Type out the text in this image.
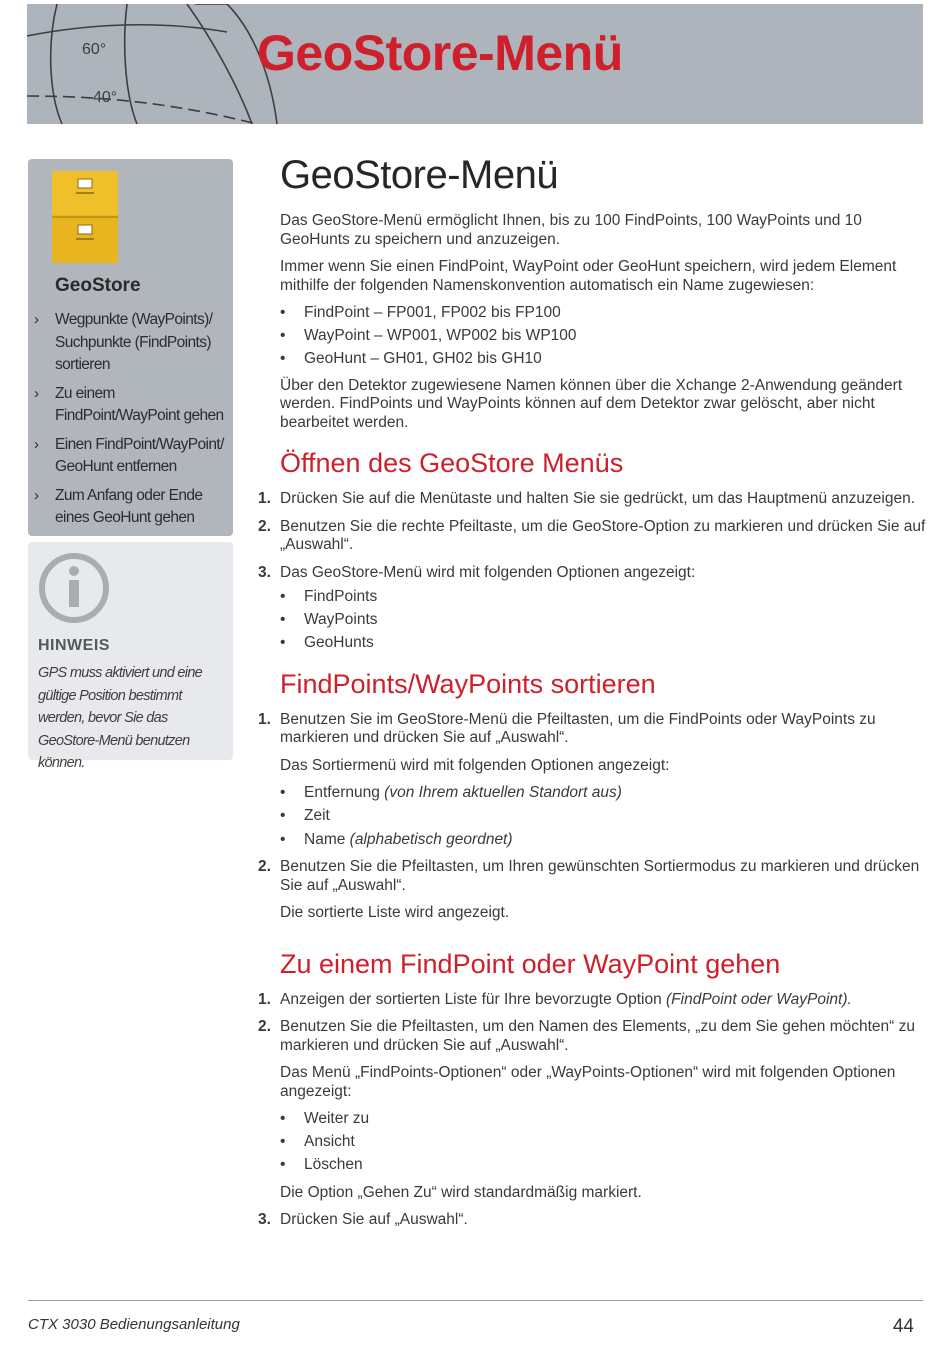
60°
40°
GeoStore-Menü
GeoStore
› Wegpunkte (WayPoints)/ Suchpunkte (FindPoints) sortieren
› Zu einem FindPoint/WayPoint gehen
› Einen FindPoint/WayPoint/ GeoHunt entfernen
› Zum Anfang oder Ende eines GeoHunt gehen
HINWEIS
GPS muss aktiviert und eine gültige Position bestimmt werden, bevor Sie das GeoStore-Menü benutzen können.
GeoStore-Menü

Das GeoStore-Menü ermöglicht Ihnen, bis zu 100 FindPoints, 100 WayPoints und 10 GeoHunts zu speichern und anzuzeigen.

Immer wenn Sie einen FindPoint, WayPoint oder GeoHunt speichern, wird jedem Element mithilfe der folgenden Namenskonvention automatisch ein Name zugewiesen:

• FindPoint – FP001, FP002 bis FP100
• WayPoint – WP001, WP002 bis WP100
• GeoHunt – GH01, GH02 bis GH10

Über den Detektor zugewiesene Namen können über die Xchange 2-Anwendung geändert werden. FindPoints und WayPoints können auf dem Detektor zwar gelöscht, aber nicht bearbeitet werden.

Öffnen des GeoStore Menüs
1. Drücken Sie auf die Menütaste und halten Sie sie gedrückt, um das Hauptmenü anzuzeigen.
2. Benutzen Sie die rechte Pfeiltaste, um die GeoStore-Option zu markieren und drücken Sie auf „Auswahl“.
3. Das GeoStore-Menü wird mit folgenden Optionen angezeigt:
• FindPoints
• WayPoints
• GeoHunts
FindPoints/WayPoints sortieren
1. Benutzen Sie im GeoStore-Menü die Pfeiltasten, um die FindPoints oder WayPoints zu markieren und drücken Sie auf „Auswahl“.

Das Sortiermenü wird mit folgenden Optionen angezeigt:

• Entfernung (von Ihrem aktuellen Standort aus)
• Zeit
• Name (alphabetisch geordnet)
2. Benutzen Sie die Pfeiltasten, um Ihren gewünschten Sortiermodus zu markieren und drücken Sie auf „Auswahl“.

Die sortierte Liste wird angezeigt.

Zu einem FindPoint oder WayPoint gehen
1. Anzeigen der sortierten Liste für Ihre bevorzugte Option (FindPoint oder WayPoint).
2. Benutzen Sie die Pfeiltasten, um den Namen des Elements, „zu dem Sie gehen möchten“ zu markieren und drücken Sie auf „Auswahl“.

Das Menü „FindPoints-Optionen“ oder „WayPoints-Optionen“ wird mit folgenden Optionen angezeigt:

• Weiter zu
• Ansicht
• Löschen

Die Option „Gehen Zu“ wird standardmäßig markiert.

3. Drücken Sie auf „Auswahl“.
CTX 3030 Bedienungsanleitung	44
